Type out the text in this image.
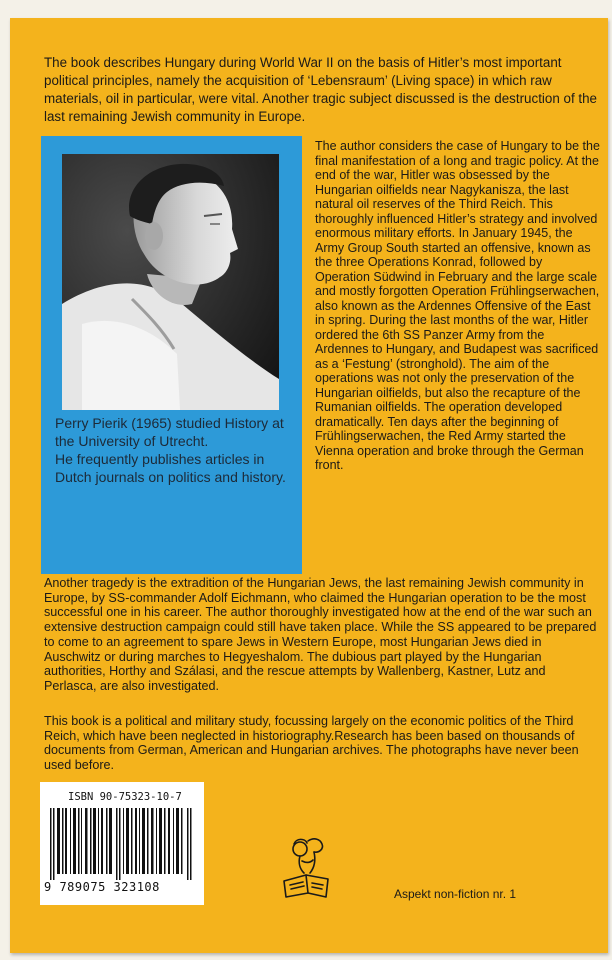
The book describes Hungary during World War II on the basis of Hitler’s most important political principles, namely the acquisition of ‘Lebensraum’ (Living space) in which raw materials, oil in particular, were vital. Another tragic subject discussed is the destruction of the last remaining Jewish community in Europe.

Perry Pierik (1965) studied History at the University of Utrecht.
He frequently publishes articles in Dutch journals on politics and history.

The author considers the case of Hungary to be the final manifestation of a long and tragic policy. At the end of the war, Hitler was obsessed by the Hungarian oilfields near Nagykanisza, the last natural oil reserves of the Third Reich. This thoroughly influenced Hitler’s strategy and involved enormous military efforts. In January 1945, the Army Group South started an offensive, known as the three Operations Konrad, followed by Operation Südwind in February and the large scale and mostly forgotten Operation Frühlingserwachen, also known as the Ardennes Offensive of the East in spring. During the last months of the war, Hitler ordered the 6th SS Panzer Army from the Ardennes to Hungary, and Budapest was sacrificed as a ‘Festung’ (stronghold). The aim of the operations was not only the preservation of the Hungarian oilfields, but also the recapture of the Rumanian oilfields. The operation developed dramatically. Ten days after the beginning of Frühlingserwachen, the Red Army started the Vienna operation and broke through the German front.

Another tragedy is the extradition of the Hungarian Jews, the last remaining Jewish community in Europe, by SS-commander Adolf Eichmann, who claimed the Hungarian operation to be the most successful one in his career. The author thoroughly investigated how at the end of the war such an extensive destruction campaign could still have taken place. While the SS appeared to be prepared to come to an agreement to spare Jews in Western Europe, most Hungarian Jews died in Auschwitz or during marches to Hegyeshalom. The dubious part played by the Hungarian authorities, Horthy and Szálasi, and the rescue attempts by Wallenberg, Kastner, Lutz and Perlasca, are also investigated.

This book is a political and military study, focussing largely on the economic politics of the Third Reich, which have been neglected in historiography.Research has been based on thousands of documents from German, American and Hungarian archives. The photographs have never been used before.

ISBN 90-75323-10-7
9 789075 323108	Aspekt non-fiction nr. 1
